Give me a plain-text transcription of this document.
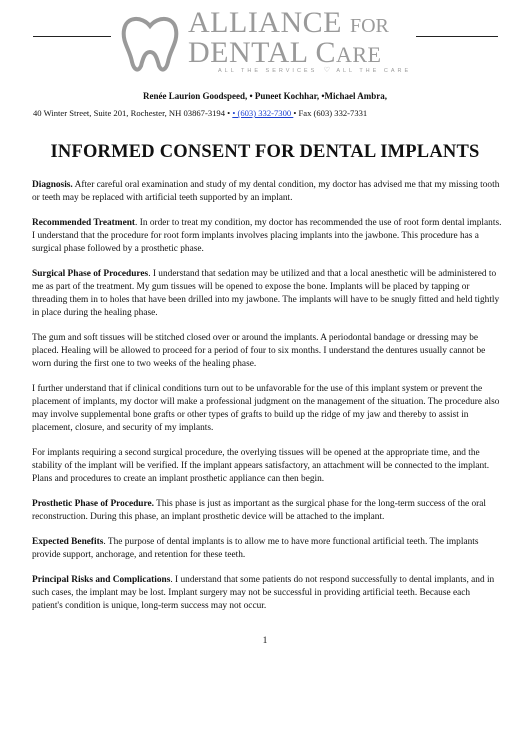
ALLIANCE FOR
DENTAL CARE
ALL THE SERVICES ♡ ALL THE CARE
Renée Laurion Goodspeed, • Puneet Kochhar, •Michael Ambra,
40 Winter Street, Suite 201, Rochester, NH 03867-3194 • • (603) 332-7300 • Fax (603) 332-7331
INFORMED CONSENT FOR DENTAL IMPLANTS

Diagnosis. After careful oral examination and study of my dental condition, my doctor has advised me that my missing tooth or teeth may be replaced with artificial teeth supported by an implant.

Recommended Treatment. In order to treat my condition, my doctor has recommended the use of root form dental implants. I understand that the procedure for root form implants involves placing implants into the jawbone. This procedure has a surgical phase followed by a prosthetic phase.

Surgical Phase of Procedures. I understand that sedation may be utilized and that a local anesthetic will be administered to me as part of the treatment. My gum tissues will be opened to expose the bone. Implants will be placed by tapping or threading them in to holes that have been drilled into my jawbone. The implants will have to be snugly fitted and held tightly in place during the healing phase.

The gum and soft tissues will be stitched closed over or around the implants. A periodontal bandage or dressing may be placed. Healing will be allowed to proceed for a period of four to six months. I understand the dentures usually cannot be worn during the first one to two weeks of the healing phase.

I further understand that if clinical conditions turn out to be unfavorable for the use of this implant system or prevent the placement of implants, my doctor will make a professional judgment on the management of the situation. The procedure also may involve supplemental bone grafts or other types of grafts to build up the ridge of my jaw and thereby to assist in placement, closure, and security of my implants.

For implants requiring a second surgical procedure, the overlying tissues will be opened at the appropriate time, and the stability of the implant will be verified. If the implant appears satisfactory, an attachment will be connected to the implant. Plans and procedures to create an implant prosthetic appliance can then begin.

Prosthetic Phase of Procedure. This phase is just as important as the surgical phase for the long-term success of the oral reconstruction. During this phase, an implant prosthetic device will be attached to the implant.

Expected Benefits. The purpose of dental implants is to allow me to have more functional artificial teeth. The implants provide support, anchorage, and retention for these teeth.

Principal Risks and Complications. I understand that some patients do not respond successfully to dental implants, and in such cases, the implant may be lost. Implant surgery may not be successful in providing artificial teeth. Because each patient's condition is unique, long-term success may not occur.

1
